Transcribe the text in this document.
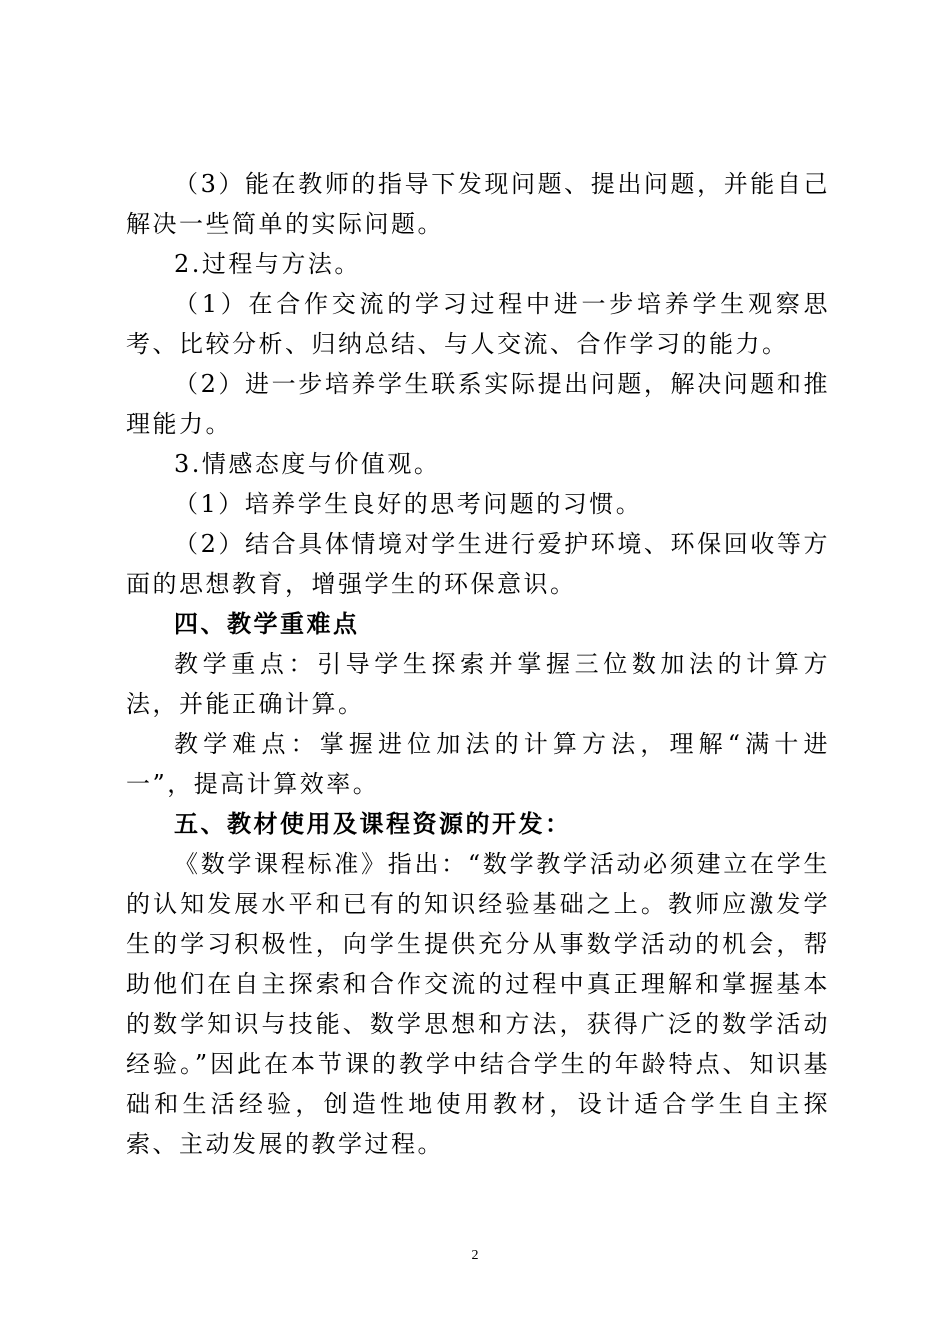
（3）能在教师的指导下发现问题、提出问题，并能自己解决一些简单的实际问题。

2.过程与方法。

（1）在合作交流的学习过程中进一步培养学生观察思考、比较分析、归纳总结、与人交流、合作学习的能力。

（2）进一步培养学生联系实际提出问题，解决问题和推理能力。

3.情感态度与价值观。

（1）培养学生良好的思考问题的习惯。

（2）结合具体情境对学生进行爱护环境、环保回收等方面的思想教育，增强学生的环保意识。

四、教学重难点

教学重点：引导学生探索并掌握三位数加法的计算方法，并能正确计算。

教学难点：掌握进位加法的计算方法，理解“满十进一”，提高计算效率。

五、教材使用及课程资源的开发：

《数学课程标准》指出：“数学教学活动必须建立在学生的认知发展水平和已有的知识经验基础之上。教师应激发学生的学习积极性，向学生提供充分从事数学活动的机会，帮助他们在自主探索和合作交流的过程中真正理解和掌握基本的数学知识与技能、数学思想和方法，获得广泛的数学活动经验。”因此在本节课的教学中结合学生的年龄特点、知识基础和生活经验，创造性地使用教材，设计适合学生自主探索、主动发展的教学过程。

2
